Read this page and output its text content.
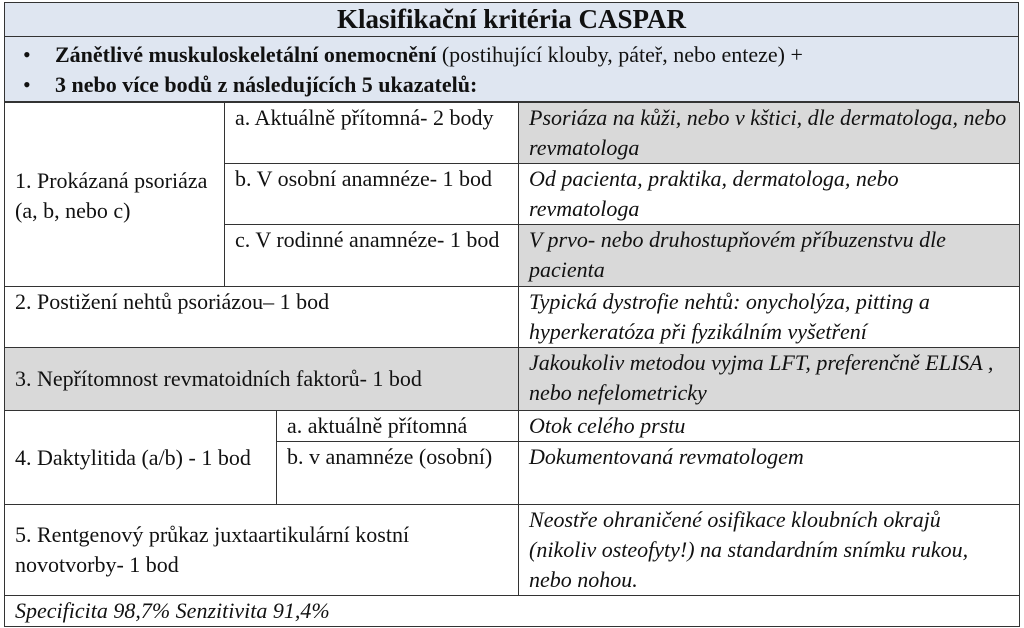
Klasifikační kritéria CASPAR
• Zánětlivé muskuloskeletální onemocnění (postihující klouby, páteř, nebo enteze) +
• 3 nebo více bodů z následujících 5 ukazatelů:
1. Prokázaná psoriáza (a, b, nebo c)	a. Aktuálně přítomná- 2 body		Psoriáza na kůži, nebo v kštici, dle dermatologa, nebo revmatologa
	b. V osobní anamnéze- 1 bod		Od pacienta, praktika, dermatologa, nebo revmatologa
	c. V rodinné anamnéze- 1 bod		V prvo- nebo druhostupňovém příbuzenstvu dle pacienta
2. Postižení nehtů psoriázou– 1 bod			Typická dystrofie nehtů: onycholýza, pitting a hyperkeratóza při fyzikálním vyšetření
3. Nepřítomnost revmatoidních faktorů- 1 bod			Jakoukoliv metodou vyjma LFT, preferenčně ELISA , nebo nefelometricky
4. Daktylitida (a/b) - 1 bod		a. aktuálně přítomná	Otok celého prstu
		b. v anamnéze (osobní)	Dokumentovaná revmatologem
5. Rentgenový průkaz juxtaartikulární kostní novotvorby- 1 bod			Neostře ohraničené osifikace kloubních okrajů (nikoliv osteofyty!) na standardním snímku rukou, nebo nohou.
Specificita 98,7% Senzitivita 91,4%			
